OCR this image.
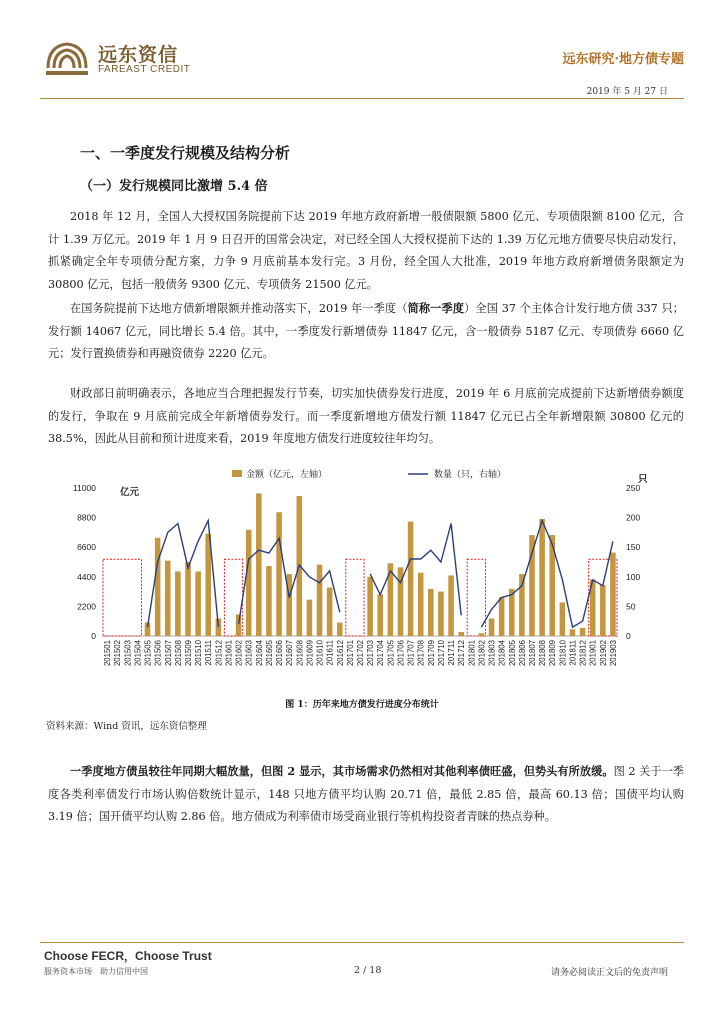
远东资信
FAREAST CREDIT
远东研究·地方债专题
2019 年 5 月 27 日
一、一季度发行规模及结构分析
（一）发行规模同比激增 5.4 倍

2018 年 12 月，全国人大授权国务院提前下达 2019 年地方政府新增一般债限额 5800 亿元、专项债限额 8100 亿元，合计 1.39 万亿元。2019 年 1 月 9 日召开的国常会决定，对已经全国人大授权提前下达的 1.39 万亿元地方债要尽快启动发行，抓紧确定全年专项债分配方案，力争 9 月底前基本发行完。3 月份，经全国人大批准，2019 年地方政府新增债务限额定为 30800 亿元，包括一般债务 9300 亿元、专项债务 21500 亿元。

在国务院提前下达地方债新增限额并推动落实下，2019 年一季度（简称一季度）全国 37 个主体合计发行地方债 337 只；发行额 14067 亿元，同比增长 5.4 倍。其中，一季度发行新增债券 11847 亿元，含一般债券 5187 亿元、专项债券 6660 亿元；发行置换债券和再融资债券 2220 亿元。

财政部日前明确表示，各地应当合理把握发行节奏，切实加快债券发行进度，2019 年 6 月底前完成提前下达新增债券额度的发行，争取在 9 月底前完成全年新增债券发行。而一季度新增地方债发行额 11847 亿元已占全年新增限额 30800 亿元的 38.5%，因此从目前和预计进度来看，2019 年度地方债发行进度较往年均匀。

0
2200
4400
6600
8800
11000
0
50
100
150
200
250
亿元
只
金额（亿元，左轴）	数量（只，右轴）
201501 201502 201503 201504 201505 201506 201507 201508 201509 201510 201511 201512 201601 201602 201603 201604 201605 201606 201607 201608 201609 201610 201611 201612 201701 201702 201703 201704 201705 201706 201707 201708 201709 201710 201711 201712 201801 201802 201803 201804 201805 201806 201807 201808 201809 201810 201811 201812 201901 201902 201903
图 1：历年来地方债发行进度分布统计
资料来源：Wind 资讯，远东资信整理

一季度地方债虽较往年同期大幅放量，但图 2 显示，其市场需求仍然相对其他利率债旺盛，但势头有所放缓。图 2 关于一季度各类利率债发行市场认购倍数统计显示，148 只地方债平均认购 20.71 倍，最低 2.85 倍，最高 60.13 倍；国债平均认购 3.19 倍；国开债平均认购 2.86 倍。地方债成为利率债市场受商业银行等机构投资者青睐的热点券种。

Choose FECR，Choose Trust
服务资本市场　助力信用中国	2 / 18	请务必阅读正文后的免责声明
